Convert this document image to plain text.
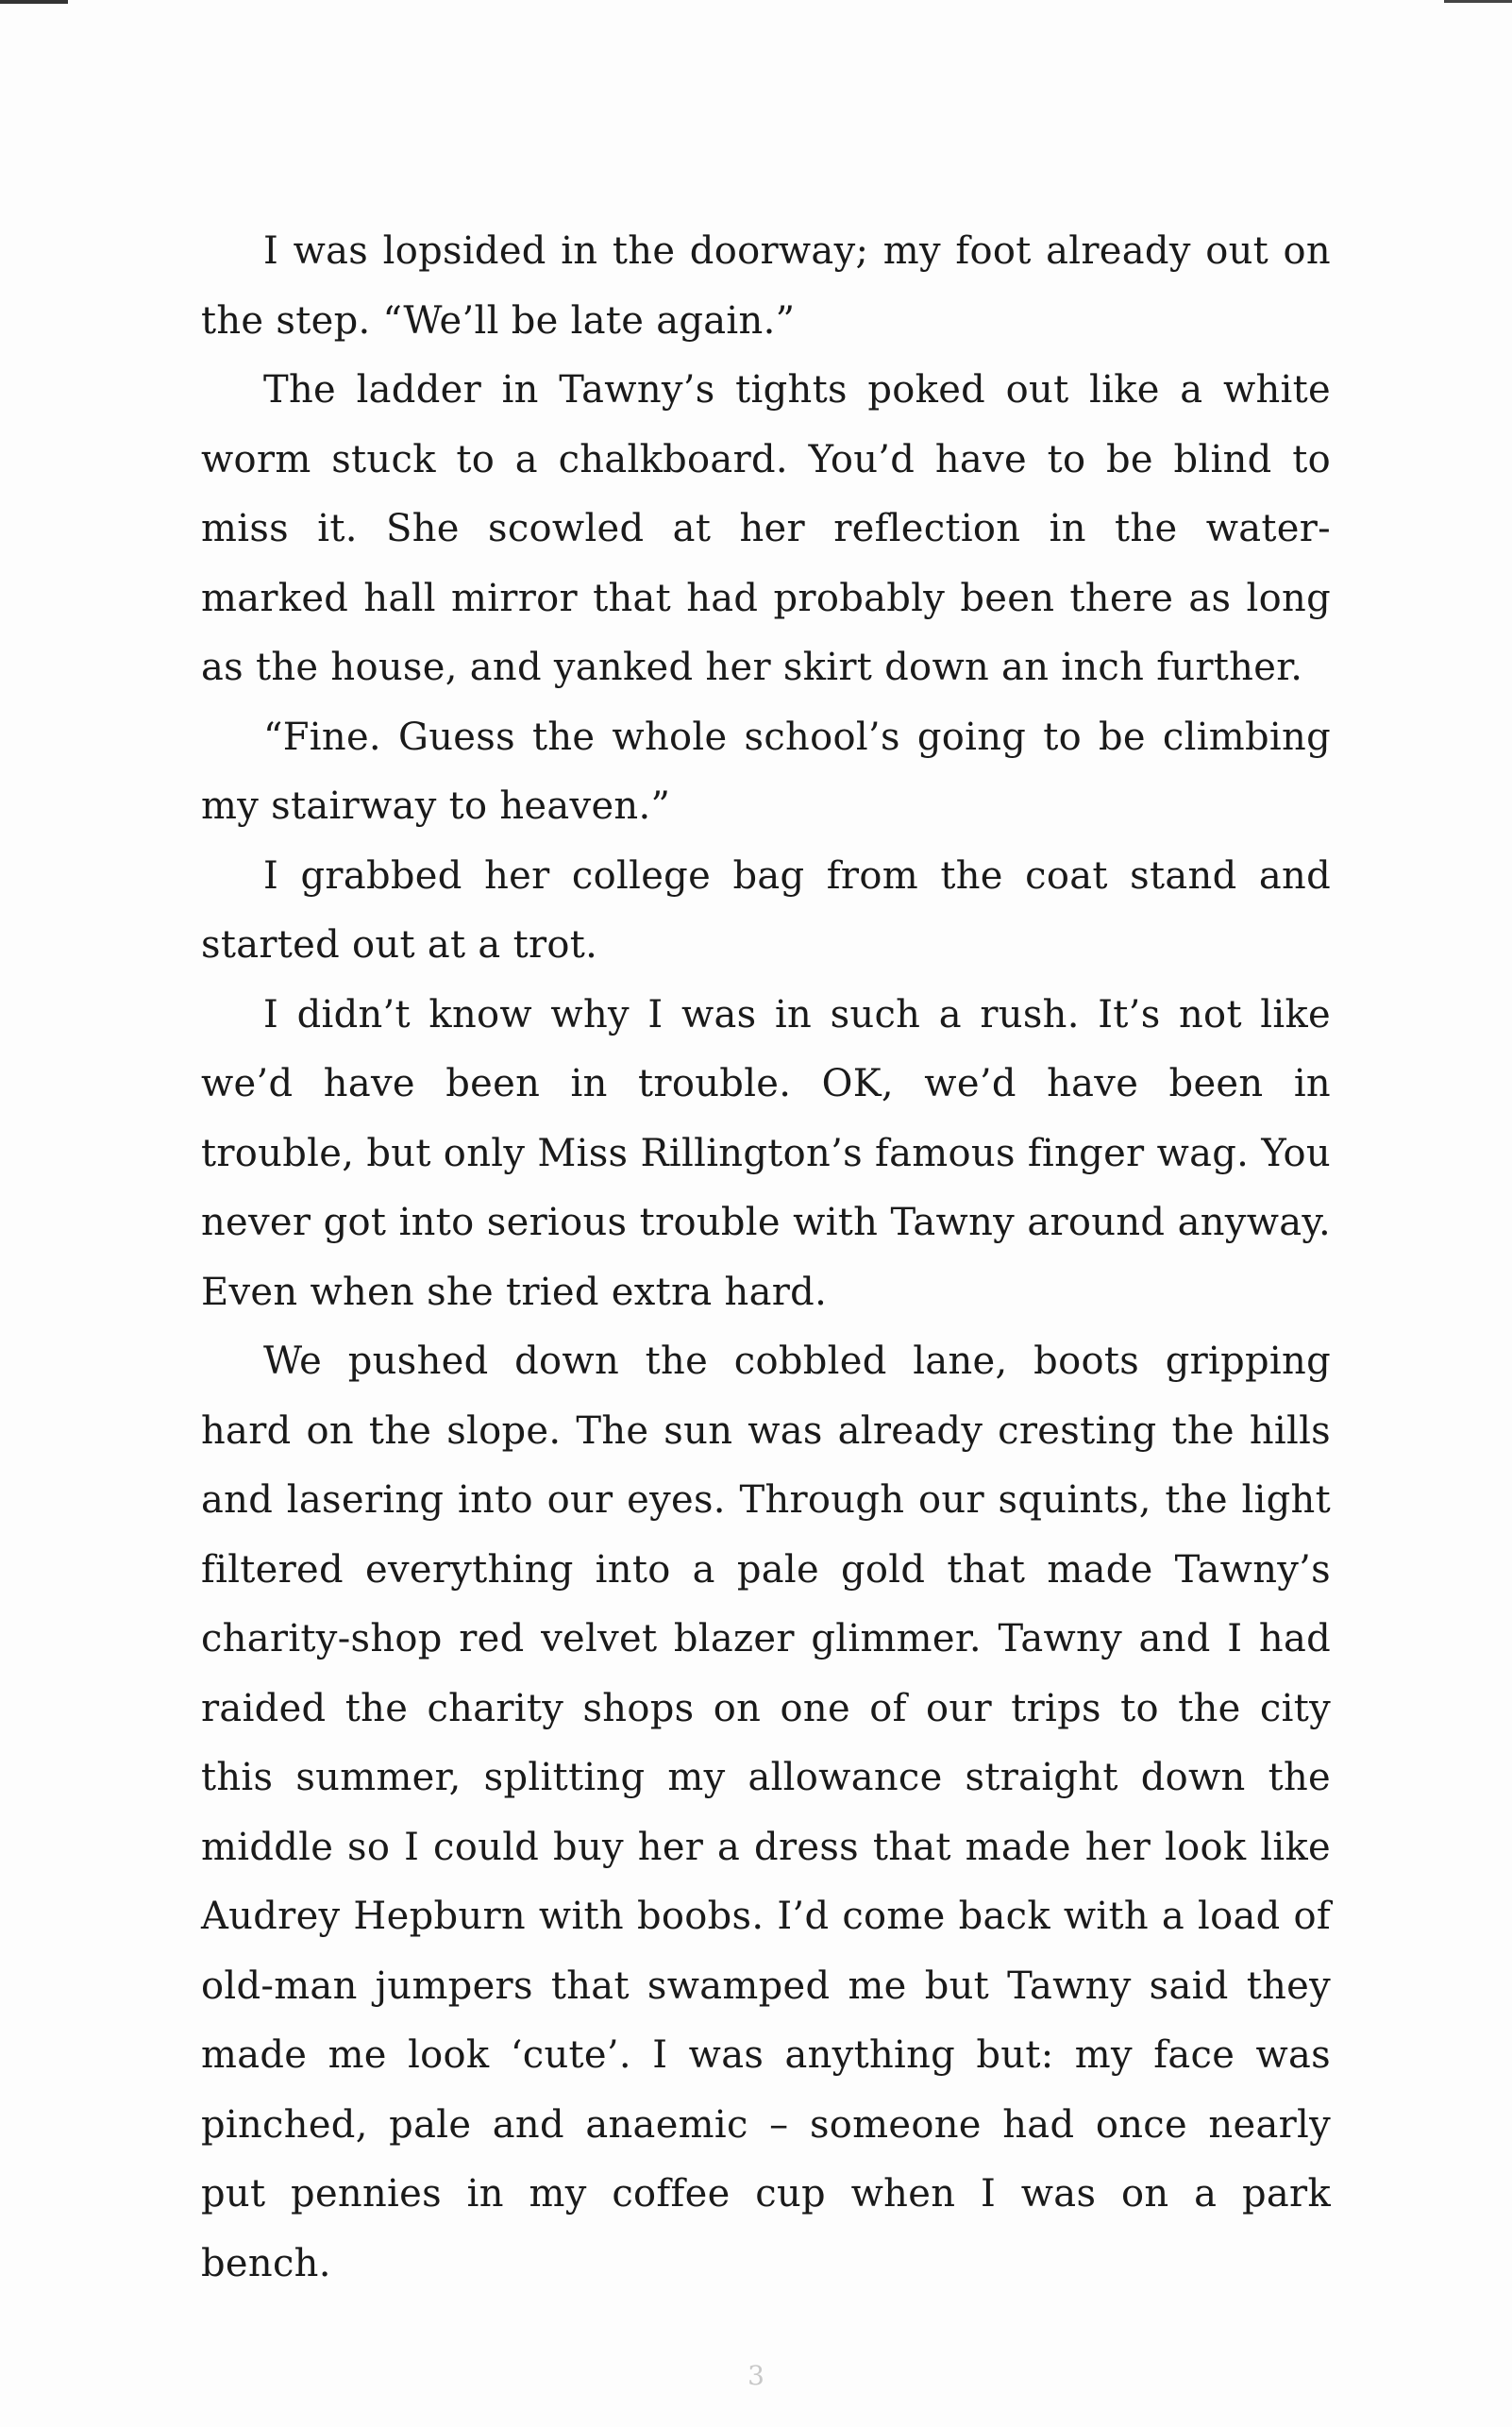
I was lopsided in the doorway; my foot already out on the step. “We’ll be late again.”

The ladder in Tawny’s tights poked out like a white worm stuck to a chalkboard. You’d have to be blind to miss it. She scowled at her reflection in the water-marked hall mirror that had probably been there as long as the house, and yanked her skirt down an inch further.

“Fine. Guess the whole school’s going to be climbing my stairway to heaven.”

I grabbed her college bag from the coat stand and started out at a trot.

I didn’t know why I was in such a rush. It’s not like we’d have been in trouble. OK, we’d have been in trouble, but only Miss Rillington’s famous finger wag. You never got into serious trouble with Tawny around anyway. Even when she tried extra hard.

We pushed down the cobbled lane, boots gripping hard on the slope. The sun was already cresting the hills and lasering into our eyes. Through our squints, the light filtered everything into a pale gold that made Tawny’s charity-shop red velvet blazer glimmer. Tawny and I had raided the charity shops on one of our trips to the city this summer, splitting my allowance straight down the middle so I could buy her a dress that made her look like Audrey Hepburn with boobs. I’d come back with a load of old-man jumpers that swamped me but Tawny said they made me look ‘cute’. I was anything but: my face was pinched, pale and anaemic – someone had once nearly put pennies in my coffee cup when I was on a park bench.

3
